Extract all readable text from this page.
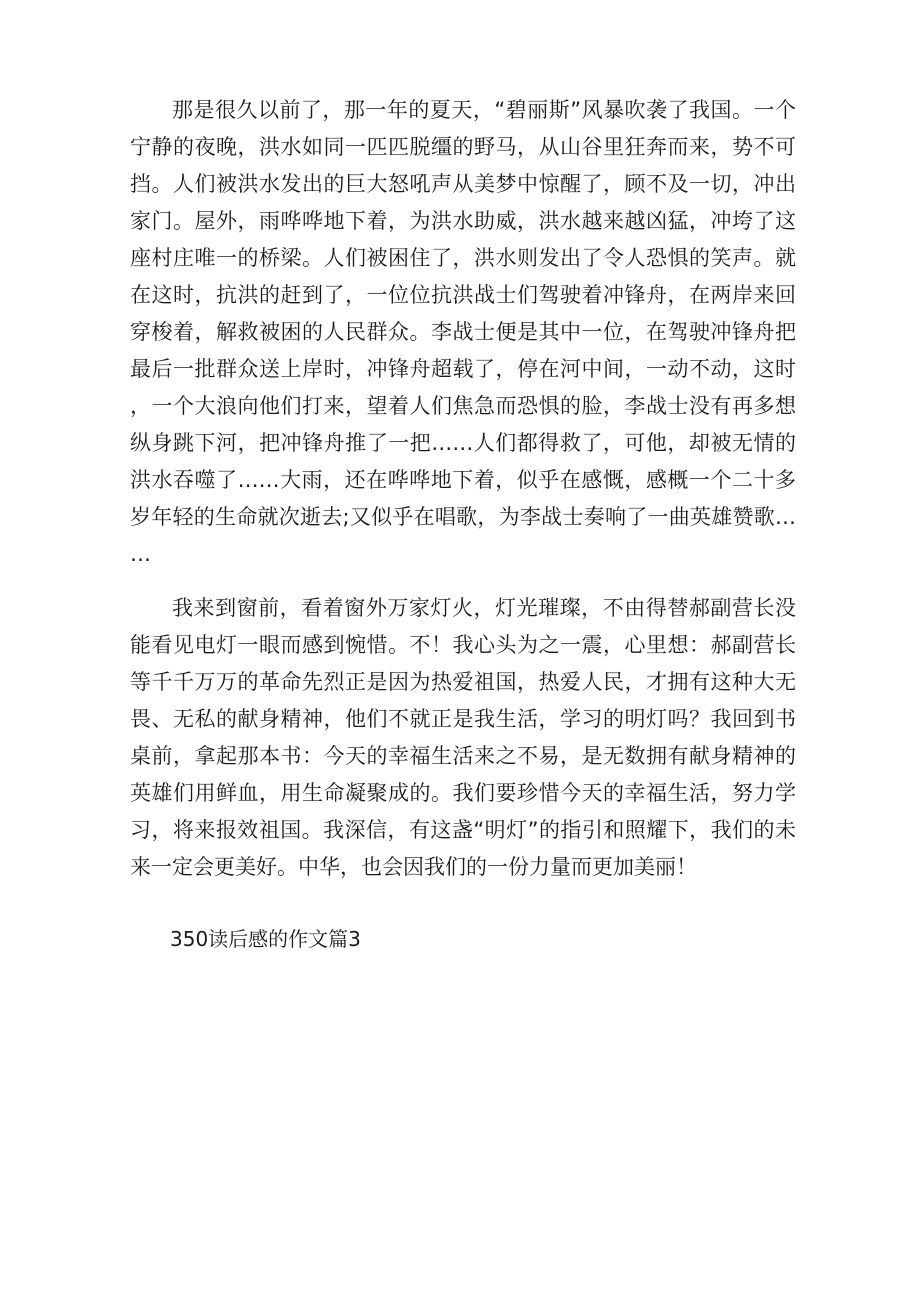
那是很久以前了，那一年的夏天，“碧丽斯”风暴吹袭了我国。一个宁静的夜晚，洪水如同一匹匹脱缰的野马，从山谷里狂奔而来，势不可挡。人们被洪水发出的巨大怒吼声从美梦中惊醒了，顾不及一切，冲出家门。屋外，雨哗哗地下着，为洪水助威，洪水越来越凶猛，冲垮了这座村庄唯一的桥梁。人们被困住了，洪水则发出了令人恐惧的笑声。就在这时，抗洪的赶到了，一位位抗洪战士们驾驶着冲锋舟，在两岸来回穿梭着，解救被困的人民群众。李战士便是其中一位，在驾驶冲锋舟把最后一批群众送上岸时，冲锋舟超载了，停在河中间，一动不动，这时，一个大浪向他们打来，望着人们焦急而恐惧的脸，李战士没有再多想纵身跳下河，把冲锋舟推了一把……人们都得救了，可他，却被无情的洪水吞噬了……大雨，还在哗哗地下着，似乎在感慨，感概一个二十多岁年轻的生命就次逝去;又似乎在唱歌，为李战士奏响了一曲英雄赞歌……

我来到窗前，看着窗外万家灯火，灯光璀璨，不由得替郝副营长没能看见电灯一眼而感到惋惜。不！我心头为之一震，心里想：郝副营长等千千万万的革命先烈正是因为热爱祖国，热爱人民，才拥有这种大无畏、无私的献身精神，他们不就正是我生活，学习的明灯吗？我回到书桌前，拿起那本书：今天的幸福生活来之不易，是无数拥有献身精神的英雄们用鲜血，用生命凝聚成的。我们要珍惜今天的幸福生活，努力学习，将来报效祖国。我深信，有这盏“明灯”的指引和照耀下，我们的未来一定会更美好。中华，也会因我们的一份力量而更加美丽！

350读后感的作文篇3
